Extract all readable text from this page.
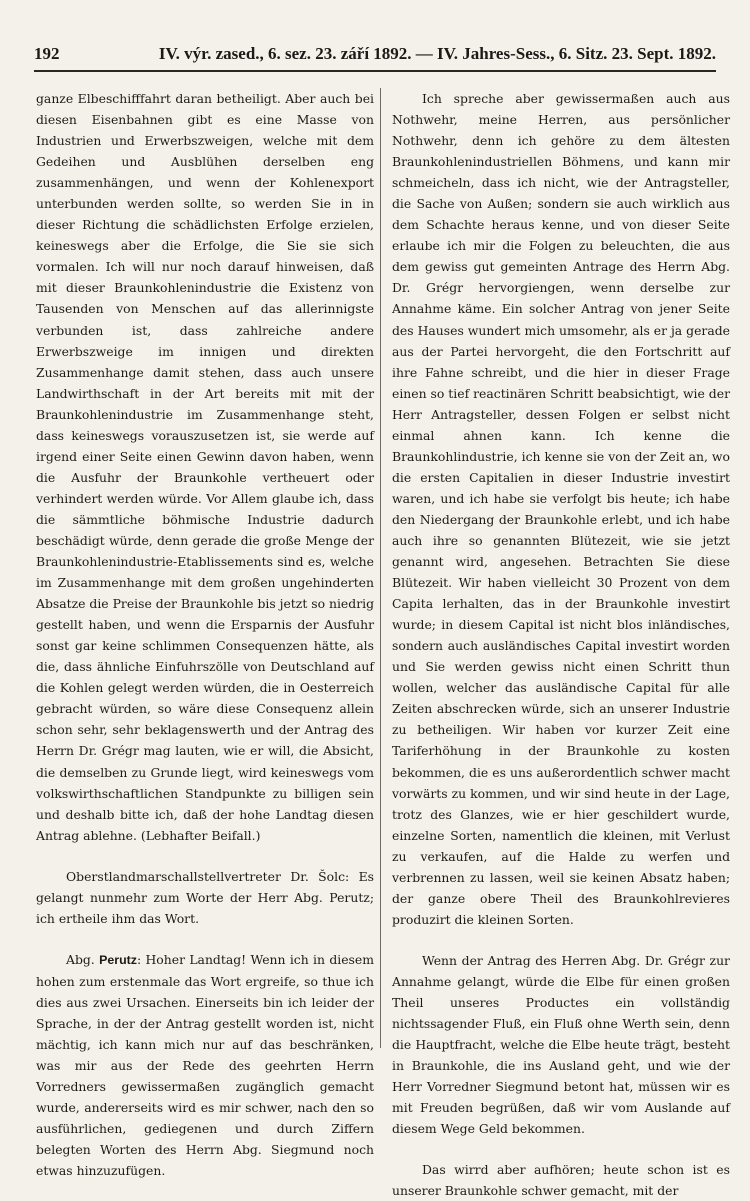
192	IV. výr. zased., 6. sez. 23. září 1892. — IV. Jahres-Sess., 6. Sitz. 23. Sept. 1892.

ganze Elbeschifffahrt daran betheiligt. Aber auch bei diesen Eisenbahnen gibt es eine Masse von Industrien und Erwerbszweigen, welche mit dem Gedeihen und Ausblühen derselben eng zusammenhängen, und wenn der Kohlenexport unterbunden werden sollte, so werden Sie in in dieser Richtung die schädlichsten Erfolge erzielen, keineswegs aber die Erfolge, die Sie sie sich vormalen. Ich will nur noch darauf hinweisen, daß mit dieser Braunkohlenindustrie die Existenz von Tausenden von Menschen auf das allerinnigste verbunden ist, dass zahlreiche andere Erwerbszweige im innigen und direkten Zusammenhange damit stehen, dass auch unsere Landwirthschaft in der Art bereits mit mit der Braunkohlenindustrie im Zusammenhange steht, dass keineswegs vorauszusetzen ist, sie werde auf irgend einer Seite einen Gewinn davon haben, wenn die Ausfuhr der Braunkohle vertheuert oder verhindert werden würde. Vor Allem glaube ich, dass die sämmtliche böhmische Industrie dadurch beschädigt würde, denn gerade die große Menge der Braunkohlenindustrie-Etablissements sind es, welche im Zusammenhange mit dem großen ungehinderten Absatze die Preise der Braunkohle bis jetzt so niedrig gestellt haben, und wenn die Ersparnis der Ausfuhr sonst gar keine schlimmen Consequenzen hätte, als die, dass ähnliche Einfuhrszölle von Deutschland auf die Kohlen gelegt werden würden, die in Oesterreich gebracht würden, so wäre diese Consequenz allein schon sehr, sehr beklagenswerth und der Antrag des Herrn Dr. Grégr mag lauten, wie er will, die Absicht, die demselben zu Grunde liegt, wird keineswegs vom volkswirthschaftlichen Standpunkte zu billigen sein und deshalb bitte ich, daß der hohe Landtag diesen Antrag ablehne. (Lebhafter Beifall.)

Oberstlandmarschallstellvertreter Dr. Šolc: Es gelangt nunmehr zum Worte der Herr Abg. Perutz; ich ertheile ihm das Wort.

Abg. Perutz: Hoher Landtag! Wenn ich in diesem hohen zum erstenmale das Wort ergreife, so thue ich dies aus zwei Ursachen. Einerseits bin ich leider der Sprache, in der der Antrag gestellt worden ist, nicht mächtig, ich kann mich nur auf das beschränken, was mir aus der Rede des geehrten Herrn Vorredners gewissermaßen zugänglich gemacht wurde, andererseits wird es mir schwer, nach den so ausführlichen, gediegenen und durch Ziffern belegten Worten des Herrn Abg. Siegmund noch etwas hinzuzufügen.

Ich spreche aber gewissermaßen auch aus Nothwehr, meine Herren, aus persönlicher Nothwehr, denn ich gehöre zu dem ältesten Braunkohlenindustriellen Böhmens, und kann mir schmeicheln, dass ich nicht, wie der Antragsteller, die Sache von Außen; sondern sie auch wirklich aus dem Schachte heraus kenne, und von dieser Seite erlaube ich mir die Folgen zu beleuchten, die aus dem gewiss gut gemeinten Antrage des Herrn Abg. Dr. Grégr hervorgiengen, wenn derselbe zur Annahme käme. Ein solcher Antrag von jener Seite des Hauses wundert mich umsomehr, als er ja gerade aus der Partei hervorgeht, die den Fortschritt auf ihre Fahne schreibt, und die hier in dieser Frage einen so tief reactinären Schritt beabsichtigt, wie der Herr Antragsteller, dessen Folgen er selbst nicht einmal ahnen kann. Ich kenne die Braunkohlindustrie, ich kenne sie von der Zeit an, wo die ersten Capitalien in dieser Industrie investirt waren, und ich habe sie verfolgt bis heute; ich habe den Niedergang der Braunkohle erlebt, und ich habe auch ihre so genannten Blütezeit, wie sie jetzt genannt wird, angesehen. Betrachten Sie diese Blütezeit. Wir haben vielleicht 30 Prozent von dem Capita lerhalten, das in der Braunkohle investirt wurde; in diesem Capital ist nicht blos inländisches, sondern auch ausländisches Capital investirt worden und Sie werden gewiss nicht einen Schritt thun wollen, welcher das ausländische Capital für alle Zeiten abschrecken würde, sich an unserer Industrie zu betheiligen. Wir haben vor kurzer Zeit eine Tariferhöhung in der Braunkohle zu kosten bekommen, die es uns außerordentlich schwer macht vorwärts zu kommen, und wir sind heute in der Lage, trotz des Glanzes, wie er hier geschildert wurde, einzelne Sorten, namentlich die kleinen, mit Verlust zu verkaufen, auf die Halde zu werfen und verbrennen zu lassen, weil sie keinen Absatz haben; der ganze obere Theil des Braunkohlrevieres produzirt die kleinen Sorten.

Wenn der Antrag des Herren Abg. Dr. Grégr zur Annahme gelangt, würde die Elbe für einen großen Theil unseres Productes ein vollständig nichtssagender Fluß, ein Fluß ohne Werth sein, denn die Hauptfracht, welche die Elbe heute trägt, besteht in Braunkohle, die ins Ausland geht, und wie der Herr Vorredner Siegmund betont hat, müssen wir es mit Freuden begrüßen, daß wir vom Auslande auf diesem Wege Geld bekommen.

Das wirrd aber aufhören; heute schon ist es unserer Braunkohle schwer gemacht, mit der
